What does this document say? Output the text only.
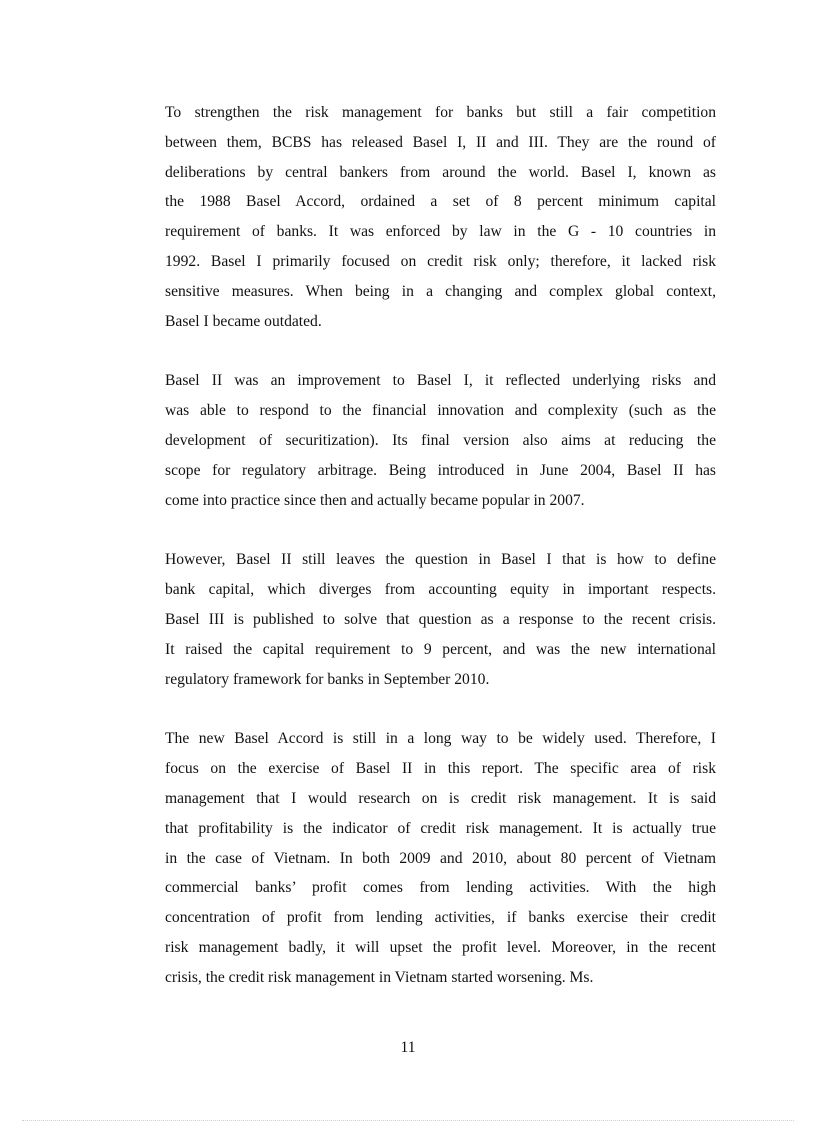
To strengthen the risk management for banks but still a fair competition
between them, BCBS has released Basel I, II and III. They are the round of
deliberations by central bankers from around the world. Basel I, known as
the 1988 Basel Accord, ordained a set of 8 percent minimum capital
requirement of banks. It was enforced by law in the G - 10 countries in
1992. Basel I primarily focused on credit risk only; therefore, it lacked risk
sensitive measures. When being in a changing and complex global context,
Basel I became outdated.

Basel II was an improvement to Basel I, it reflected underlying risks and
was able to respond to the financial innovation and complexity (such as the
development of securitization). Its final version also aims at reducing the
scope for regulatory arbitrage. Being introduced in June 2004, Basel II has
come into practice since then and actually became popular in 2007.

However, Basel II still leaves the question in Basel I that is how to define
bank capital, which diverges from accounting equity in important respects.
Basel III is published to solve that question as a response to the recent crisis.
It raised the capital requirement to 9 percent, and was the new international
regulatory framework for banks in September 2010.

The new Basel Accord is still in a long way to be widely used. Therefore, I
focus on the exercise of Basel II in this report. The specific area of risk
management that I would research on is credit risk management. It is said
that profitability is the indicator of credit risk management. It is actually true
in the case of Vietnam. In both 2009 and 2010, about 80 percent of Vietnam
commercial banks’ profit comes from lending activities. With the high
concentration of profit from lending activities, if banks exercise their credit
risk management badly, it will upset the profit level. Moreover, in the recent
crisis, the credit risk management in Vietnam started worsening. Ms.

11
